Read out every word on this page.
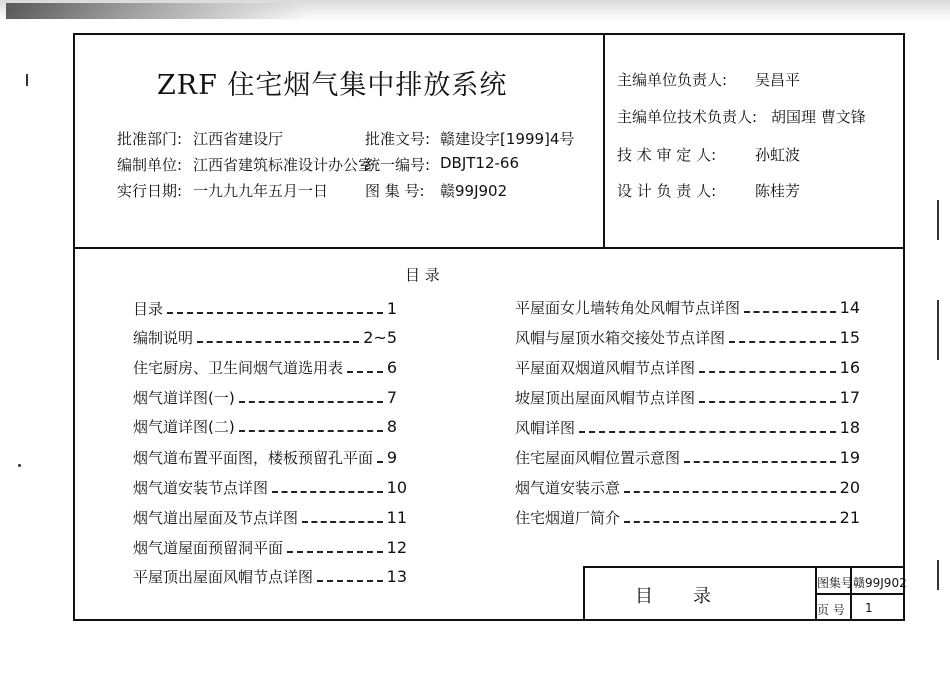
ZRF 住宅烟气集中排放系统
批准部门: 江西省建设厅
编制单位: 江西省建筑标准设计办公室
实行日期: 一九九九年五月一日
批准文号: 赣建设字[1999]4号
统一编号: DBJT12-66
图 集 号: 赣99J902
主编单位负责人: 吴昌平
主编单位技术负责人: 胡国理 曹文锋
技 术 审 定 人:	孙虹波
设 计 负 责 人:	陈桂芳
目 录
目录	1
编制说明	2~5
住宅厨房、卫生间烟气道选用表	6
烟气道详图(一)	7
烟气道详图(二)	8
烟气道布置平面图，楼板预留孔平面 9
烟气道安装节点详图	10
烟气道出屋面及节点详图	11
烟气道屋面预留洞平面	12
平屋顶出屋面风帽节点详图	13
平屋面女儿墙转角处风帽节点详图	14
风帽与屋顶水箱交接处节点详图	15
平屋面双烟道风帽节点详图	16
坡屋顶出屋面风帽节点详图	17
风帽详图	18
住宅屋面风帽位置示意图	19
烟气道安装示意	20
住宅烟道厂简介	21
目录
图集号 赣99J902
页 号 1
